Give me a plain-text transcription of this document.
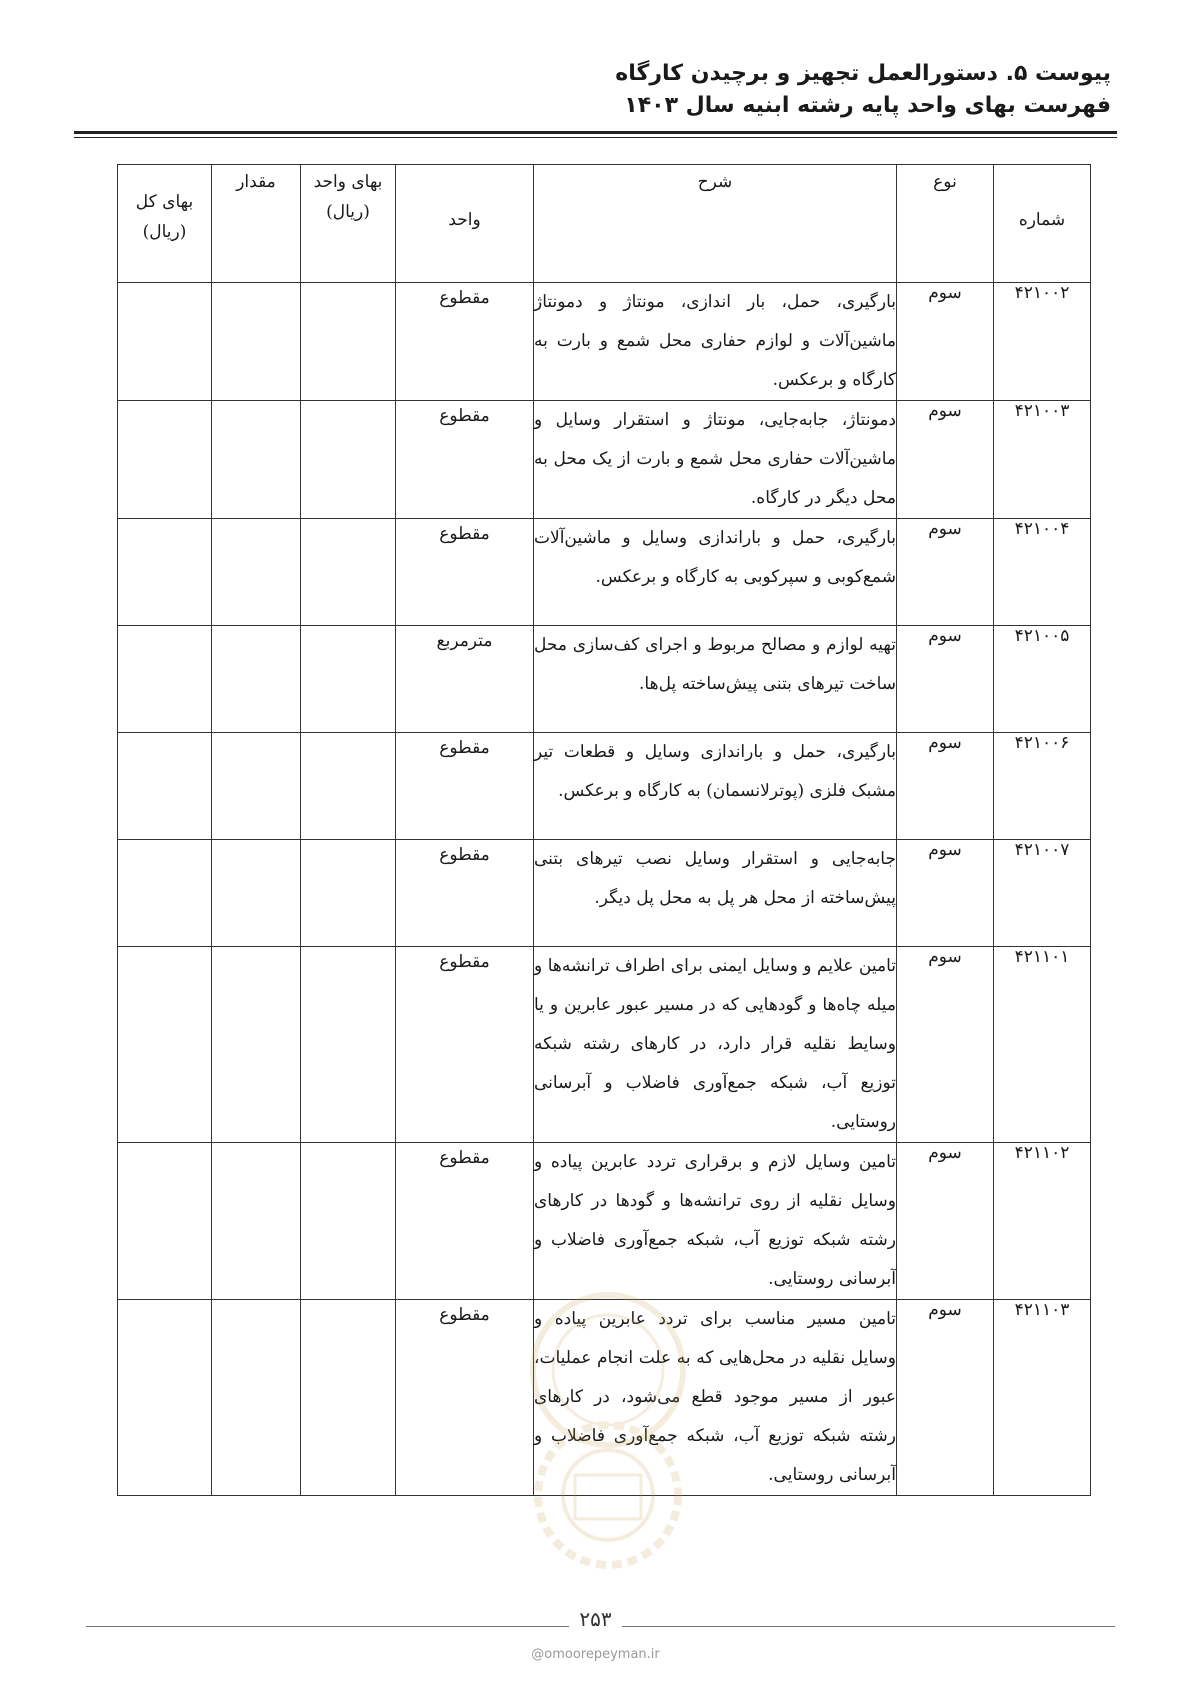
پیوست ۵. دستورالعمل تجهیز و برچیدن کارگاه
فهرست بهای واحد پایه رشته ابنیه سال ۱۴۰۳
شماره	نوع	شرح	واحد	بهای واحد (ریال)	مقدار	بهای کل (ریال)

۴۲۱۰۰۲	سوم	بارگیری، حمل، بار اندازی، مونتاژ و دمونتاژ ماشین‌آلات و لوازم حفاری محل شمع و بارت به کارگاه و برعکس.	مقطوع			
۴۲۱۰۰۳	سوم	دمونتاژ، جابه‌جایی، مونتاژ و استقرار وسایل و ماشین‌آلات حفاری محل شمع و بارت از یک محل به محل دیگر در کارگاه.	مقطوع			
۴۲۱۰۰۴	سوم	بارگیری، حمل و باراندازی وسایل و ماشین‌آلات شمع‌کوبی و سپرکوبی به کارگاه و برعکس.	مقطوع			
۴۲۱۰۰۵	سوم	تهیه لوازم و مصالح مربوط و اجرای کف‌سازی محل ساخت تیرهای بتنی پیش‌ساخته پل‌ها.	مترمربع			
۴۲۱۰۰۶	سوم	بارگیری، حمل و باراندازی وسایل و قطعات تیر مشبک فلزی (پوترلانسمان) به کارگاه و برعکس.	مقطوع			
۴۲۱۰۰۷	سوم	جابه‌جایی و استقرار وسایل نصب تیرهای بتنی پیش‌ساخته از محل هر پل به محل پل دیگر.	مقطوع			
۴۲۱۱۰۱	سوم	تامین علایم و وسایل ایمنی برای اطراف ترانشه‌ها و میله چاه‌ها و گودهایی که در مسیر عبور عابرین و یا وسایط نقلیه قرار دارد، در کارهای رشته شبکه توزیع آب، شبکه جمع‌آوری فاضلاب و آبرسانی روستایی.	مقطوع			
۴۲۱۱۰۲	سوم	تامین وسایل لازم و برقراری تردد عابرین پیاده و وسایل نقلیه از روی ترانشه‌ها و گودها در کارهای رشته شبکه توزیع آب، شبکه جمع‌آوری فاضلاب و آبرسانی روستایی.	مقطوع			
۴۲۱۱۰۳	سوم	تامین مسیر مناسب برای تردد عابرین پیاده و وسایل نقلیه در محل‌هایی که به علت انجام عملیات، عبور از مسیر موجود قطع می‌شود، در کارهای رشته شبکه توزیع آب، شبکه جمع‌آوری فاضلاب و آبرسانی روستایی.	مقطوع			
۲۵۳
@omoorepeyman.ir
